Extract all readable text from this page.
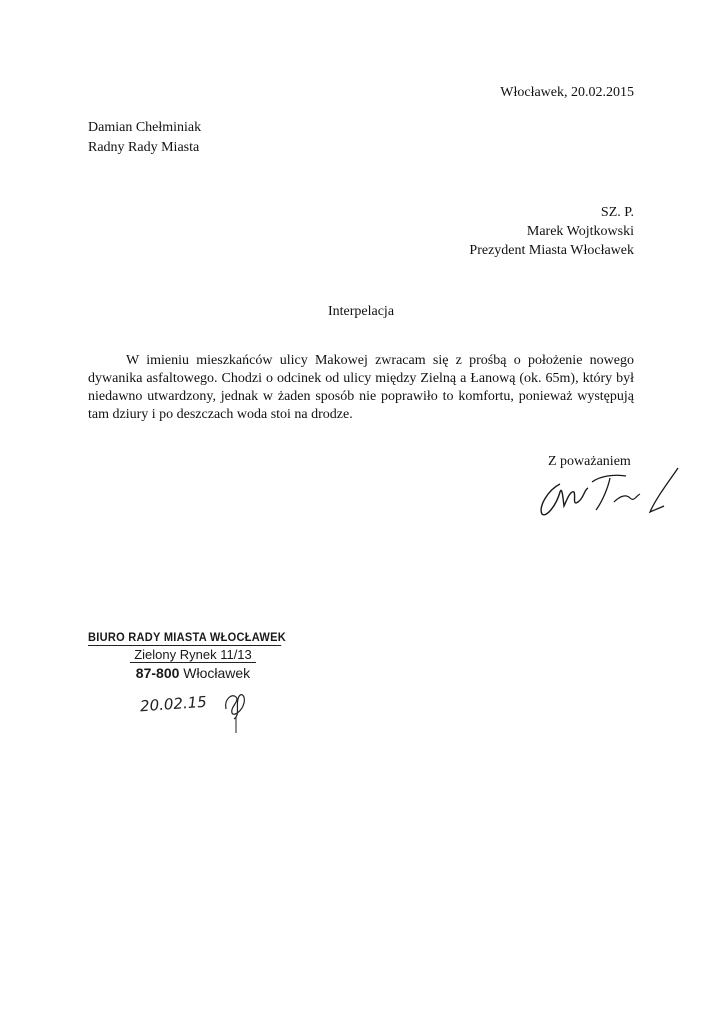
Włocławek, 20.02.2015
Damian Chełminiak
Radny Rady Miasta
SZ. P.
Marek Wojtkowski
Prezydent Miasta Włocławek
Interpelacja
W imieniu mieszkańców ulicy Makowej zwracam się z prośbą o położenie nowego dywanika asfaltowego. Chodzi o odcinek od ulicy między Zielną a Łanową (ok. 65m), który był niedawno utwardzony, jednak w żaden sposób nie poprawiło to komfortu, ponieważ występują tam dziury i po deszczach woda stoi na drodze.
Z poważaniem
BIURO RADY MIASTA WŁOCŁAWEK
Zielony Rynek 11/13
87-800 Włocławek
20.02.15
